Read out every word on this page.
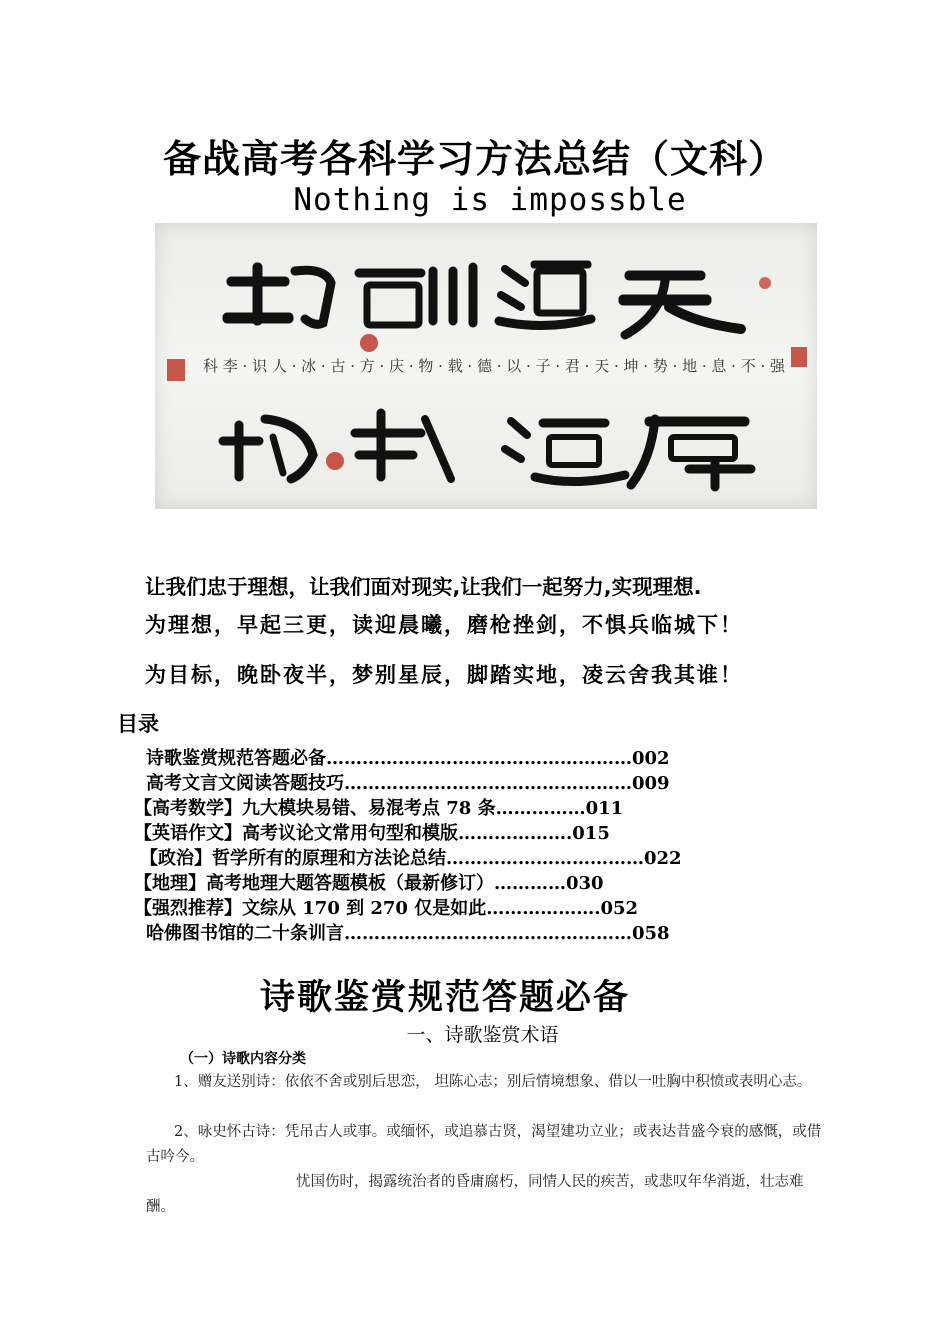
备战高考各科学习方法总结（文科）
Nothing is impossble
科 李 · 识 人 · 冰 · 古 · 方 · 庆 · 物 · 载 · 德 · 以 · 子 · 君 · 天 · 坤 · 势 · 地 · 息 · 不 · 强
让我们忠于理想，让我们面对现实,让我们一起努力,实现理想.
为理想，早起三更，读迎晨曦，磨枪挫剑，不惧兵临城下！
为目标，晚卧夜半，梦别星辰，脚踏实地，凌云舍我其谁！
目录
诗歌鉴赏规范答题必备……………………………………………002
高考文言文阅读答题技巧…………………………………………009
【高考数学】九大模块易错、易混考点 78 条……………011
【英语作文】高考议论文常用句型和模版……………….015
【政治】哲学所有的原理和方法论总结……………………………022
【地理】高考地理大题答题模板（最新修订）…………030
【强烈推荐】文综从 170 到 270 仅是如此……………….052
哈佛图书馆的二十条训言…………………………………………058
诗歌鉴赏规范答题必备
一、诗歌鉴赏术语
（一）诗歌内容分类
1、赠友送别诗：依依不舍或别后思恋， 坦陈心志；别后情境想象、借以一吐胸中积愤或表明心志。
2、咏史怀古诗：凭吊古人或事。或缅怀，或追慕古贤，渴望建功立业；或表达昔盛今衰的感慨，或借古吟今。
忧国伤时，揭露统治者的昏庸腐朽，同情人民的疾苦，或悲叹年华消逝，壮志难酬。
